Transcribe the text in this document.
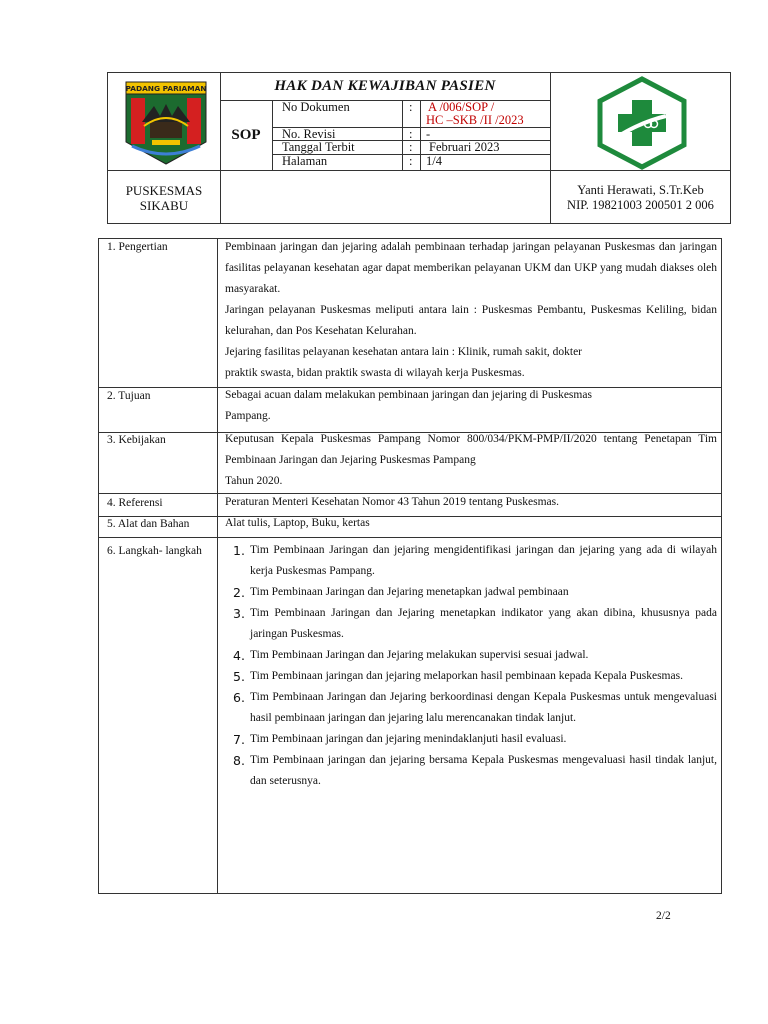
PADANG PARIAMAN	HAK DAN KEWAJIBAN PASIEN
SOP
No Dokumen	: A /006/SOP /
HC –SKB /II /2023
No. Revisi	: -
Tanggal Terbit	: Februari 2023
Halaman	: 1/4
PUSKESMAS
SIKABU
Yanti Herawati, S.Tr.Keb
NIP. 19821003 200501 2 006
1. Pengertian	Pembinaan jaringan dan jejaring adalah pembinaan terhadap jaringan pelayanan Puskesmas dan jaringan fasilitas pelayanan kesehatan agar dapat memberikan pelayanan UKM dan UKP yang mudah diakses oleh masyarakat.

Jaringan pelayanan Puskesmas meliputi antara lain : Puskesmas Pembantu, Puskesmas Keliling, bidan kelurahan, dan Pos Kesehatan Kelurahan.

Jejaring fasilitas pelayanan kesehatan antara lain : Klinik, rumah sakit, dokter

praktik swasta, bidan praktik swasta di wilayah kerja Puskesmas.

2. Tujuan	Sebagai acuan dalam melakukan pembinaan jaringan dan jejaring di Puskesmas

Pampang.

3. Kebijakan	Keputusan Kepala Puskesmas Pampang Nomor 800/034/PKM-PMP/II/2020 tentang Penetapan Tim Pembinaan Jaringan dan Jejaring Puskesmas Pampang

Tahun 2020.

4. Referensi	Peraturan Menteri Kesehatan Nomor 43 Tahun 2019 tentang Puskesmas.

5. Alat dan Bahan	Alat tulis, Laptop, Buku, kertas

6. Langkah- langkah 1. Tim Pembinaan Jaringan dan jejaring mengidentifikasi jaringan dan jejaring yang ada di wilayah kerja Puskesmas Pampang.
2. Tim Pembinaan Jaringan dan Jejaring menetapkan jadwal pembinaan
3. Tim Pembinaan Jaringan dan Jejaring menetapkan indikator yang akan dibina, khususnya pada jaringan Puskesmas.
4. Tim Pembinaan Jaringan dan Jejaring melakukan supervisi sesuai jadwal.
5. Tim Pembinaan jaringan dan jejaring melaporkan hasil pembinaan kepada Kepala Puskesmas.
6. Tim Pembinaan Jaringan dan Jejaring berkoordinasi dengan Kepala Puskesmas untuk mengevaluasi hasil pembinaan jaringan dan jejaring lalu merencanakan tindak lanjut.
7. Tim Pembinaan jaringan dan jejaring menindaklanjuti hasil evaluasi.
8. Tim Pembinaan jaringan dan jejaring bersama Kepala Puskesmas mengevaluasi hasil tindak lanjut, dan seterusnya.
2/2
